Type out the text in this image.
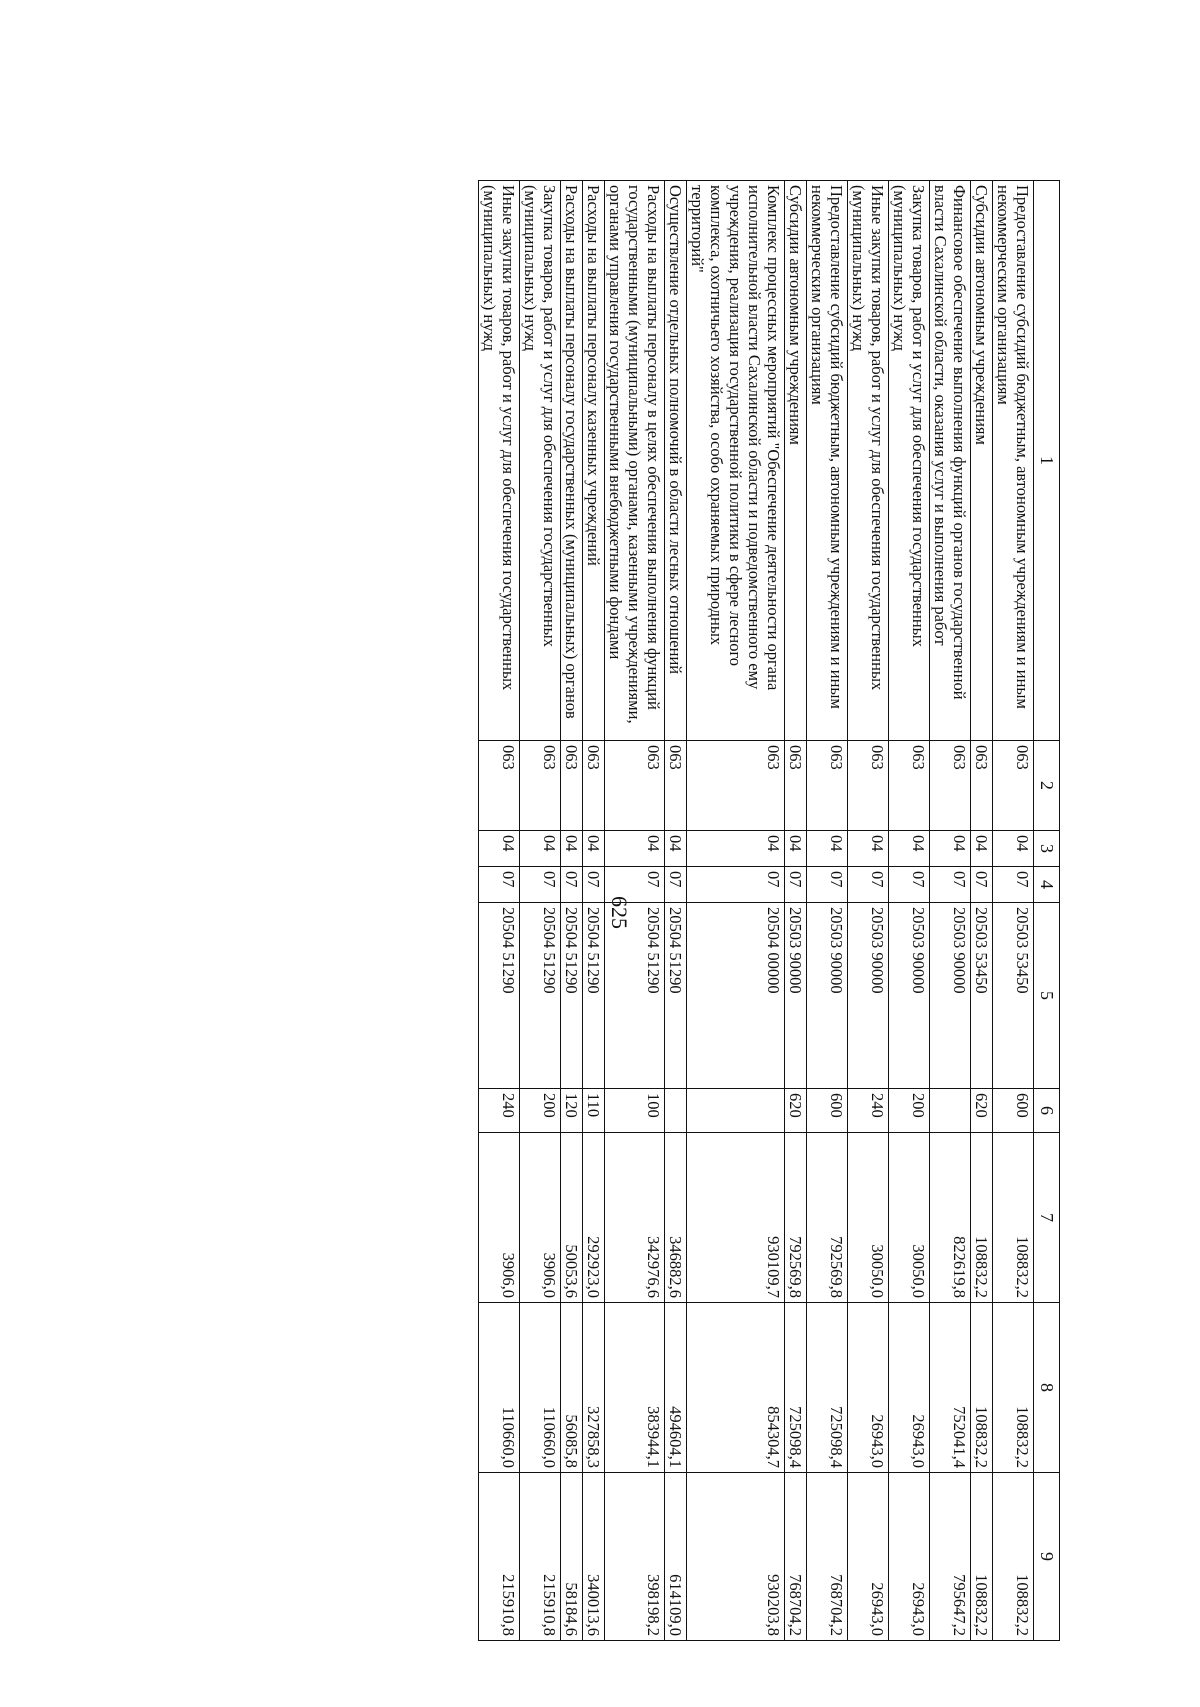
625
1	2	3	4	5	6	7	8	9
Предоставление субсидий бюджетным, автономным учреждениям и иным некоммерческим организациям	063	04	07	20503 53450	600	108832,2	108832,2	108832,2
Субсидии автономным учреждениям	063	04	07	20503 53450	620	108832,2	108832,2	108832,2
Финансовое обеспечение выполнения функций органов государственной власти Сахалинской области, оказания услуг и выполнения работ	063	04	07	20503 90000		822619,8	752041,4	795647,2
Закупка товаров, работ и услуг для обеспечения государственных (муниципальных) нужд	063	04	07	20503 90000	200	30050,0	26943,0	26943,0
Иные закупки товаров, работ и услуг для обеспечения государственных (муниципальных) нужд	063	04	07	20503 90000	240	30050,0	26943,0	26943,0
Предоставление субсидий бюджетным, автономным учреждениям и иным некоммерческим организациям	063	04	07	20503 90000	600	792569,8	725098,4	768704,2
Субсидии автономным учреждениям	063	04	07	20503 90000	620	792569,8	725098,4	768704,2
Комплекс процессных мероприятий "Обеспечение деятельности органа исполнительной власти Сахалинской области и подведомственного ему учреждения, реализация государственной политики в сфере лесного комплекса, охотничьего хозяйства, особо охраняемых природных территорий"	063	04	07	20504 00000		930109,7	854304,7	930203,8
Осуществление отдельных полномочий в области лесных отношений	063	04	07	20504 51290		346882,6	494604,1	614109,0
Расходы на выплаты персоналу в целях обеспечения выполнения функций государственными (муниципальными) органами, казенными учреждениями, органами управления государственными внебюджетными фондами	063	04	07	20504 51290	100	342976,6	383944,1	398198,2
Расходы на выплаты персоналу казенных учреждений	063	04	07	20504 51290	110	292923,0	327858,3	340013,6
Расходы на выплаты персоналу государственных (муниципальных) органов	063	04	07	20504 51290	120	50053,6	56085,8	58184,6
Закупка товаров, работ и услуг для обеспечения государственных (муниципальных) нужд	063	04	07	20504 51290	200	3906,0	110660,0	215910,8
Иные закупки товаров, работ и услуг для обеспечения государственных (муниципальных) нужд	063	04	07	20504 51290	240	3906,0	110660,0	215910,8
